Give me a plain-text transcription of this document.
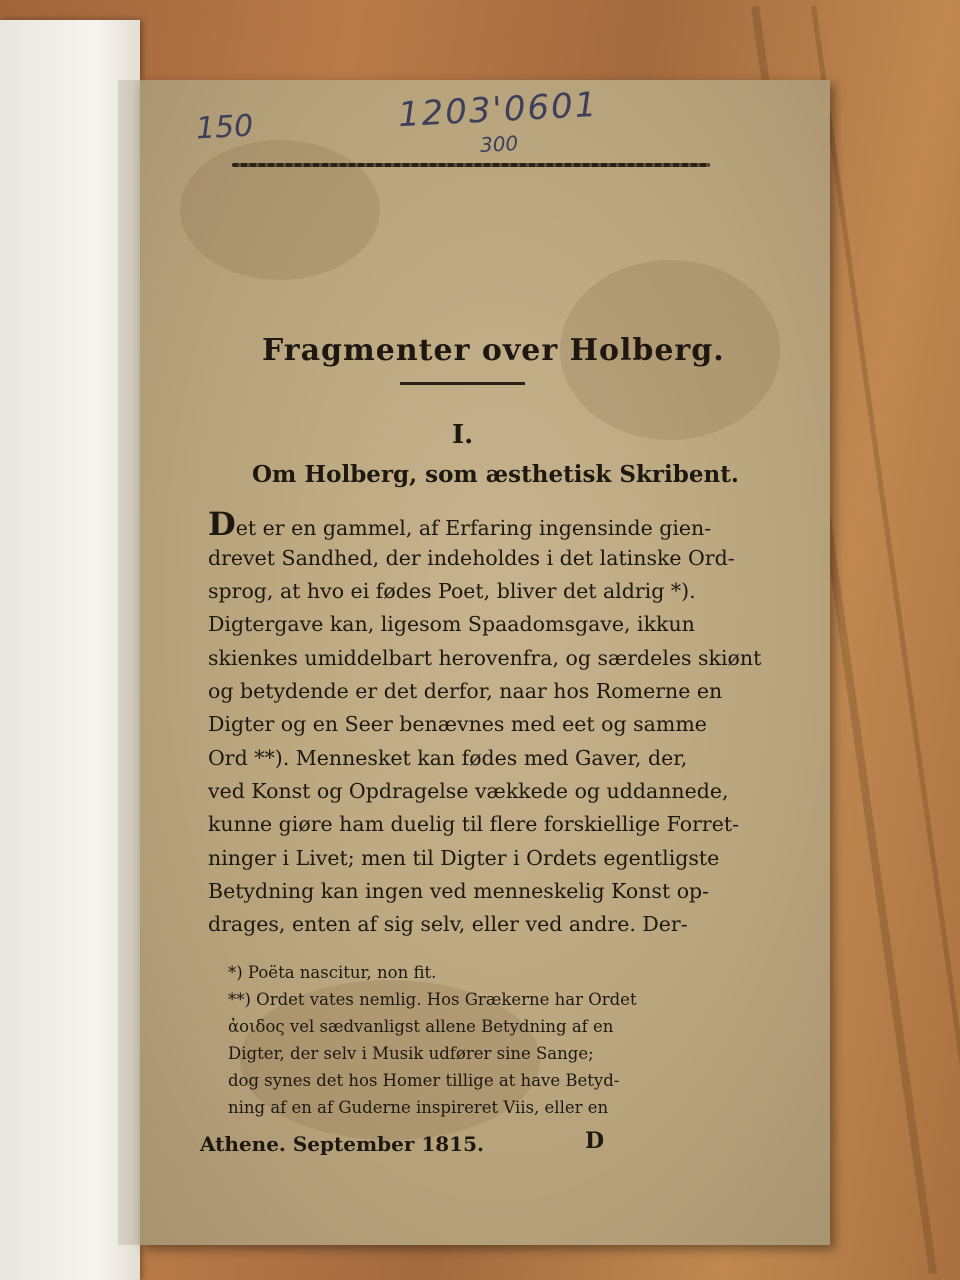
150	1203'0601
300
Fragmenter over Holberg.
I.
Om Holberg, som æsthetisk Skribent.
Det er en gammel, af Erfaring ingensinde gien-
drevet Sandhed, der indeholdes i det latinske Ord-
sprog, at hvo ei fødes Poet, bliver det aldrig *).
Digtergave kan, ligesom Spaadomsgave, ikkun
skienkes umiddelbart herovenfra, og særdeles skiønt
og betydende er det derfor, naar hos Romerne en
Digter og en Seer benævnes med eet og samme
Ord **). Mennesket kan fødes med Gaver, der,
ved Konst og Opdragelse vækkede og uddannede,
kunne giøre ham duelig til flere forskiellige Forret-
ninger i Livet; men til Digter i Ordets egentligste
Betydning kan ingen ved menneskelig Konst op-
drages, enten af sig selv, eller ved andre. Der-
*) Poëta nascitur, non fit.
**) Ordet vates nemlig. Hos Grækerne har Ordet
ἀοιδος vel sædvanligst allene Betydning af en
Digter, der selv i Musik udfører sine Sange;
dog synes det hos Homer tillige at have Betyd-
ning af en af Guderne inspireret Viis, eller en
Athene. September 1815.	D
